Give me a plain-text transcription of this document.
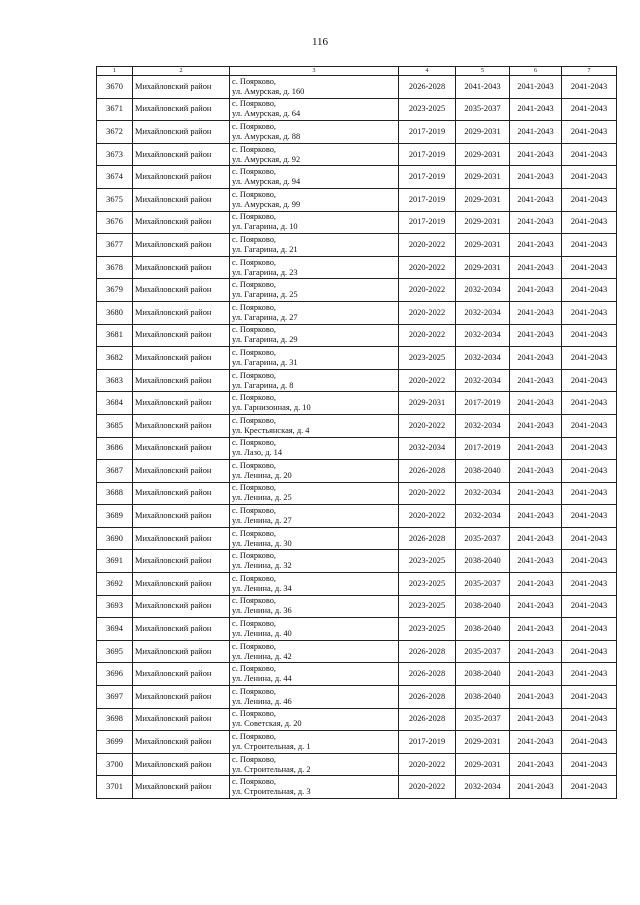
116
1	2	3	4	5	6	7
3670	Михайловский район	с. Поярково,
ул. Амурская, д. 160	2026-2028	2041-2043	2041-2043	2041-2043
3671	Михайловский район	с. Поярково,
ул. Амурская, д. 64	2023-2025	2035-2037	2041-2043	2041-2043
3672	Михайловский район	с. Поярково,
ул. Амурская, д. 88	2017-2019	2029-2031	2041-2043	2041-2043
3673	Михайловский район	с. Поярково,
ул. Амурская, д. 92	2017-2019	2029-2031	2041-2043	2041-2043
3674	Михайловский район	с. Поярково,
ул. Амурская, д. 94	2017-2019	2029-2031	2041-2043	2041-2043
3675	Михайловский район	с. Поярково,
ул. Амурская, д. 99	2017-2019	2029-2031	2041-2043	2041-2043
3676	Михайловский район	с. Поярково,
ул. Гагарина, д. 10	2017-2019	2029-2031	2041-2043	2041-2043
3677	Михайловский район	с. Поярково,
ул. Гагарина, д. 21	2020-2022	2029-2031	2041-2043	2041-2043
3678	Михайловский район	с. Поярково,
ул. Гагарина, д. 23	2020-2022	2029-2031	2041-2043	2041-2043
3679	Михайловский район	с. Поярково,
ул. Гагарина, д. 25	2020-2022	2032-2034	2041-2043	2041-2043
3680	Михайловский район	с. Поярково,
ул. Гагарина, д. 27	2020-2022	2032-2034	2041-2043	2041-2043
3681	Михайловский район	с. Поярково,
ул. Гагарина, д. 29	2020-2022	2032-2034	2041-2043	2041-2043
3682	Михайловский район	с. Поярково,
ул. Гагарина, д. 31	2023-2025	2032-2034	2041-2043	2041-2043
3683	Михайловский район	с. Поярково,
ул. Гагарина, д. 8	2020-2022	2032-2034	2041-2043	2041-2043
3684	Михайловский район	с. Поярково,
ул. Гарнизонная, д. 10	2029-2031	2017-2019	2041-2043	2041-2043
3685	Михайловский район	с. Поярково,
ул. Крестьянская, д. 4	2020-2022	2032-2034	2041-2043	2041-2043
3686	Михайловский район	с. Поярково,
ул. Лазо, д. 14	2032-2034	2017-2019	2041-2043	2041-2043
3687	Михайловский район	с. Поярково,
ул. Ленина, д. 20	2026-2028	2038-2040	2041-2043	2041-2043
3688	Михайловский район	с. Поярково,
ул. Ленина, д. 25	2020-2022	2032-2034	2041-2043	2041-2043
3689	Михайловский район	с. Поярково,
ул. Ленина, д. 27	2020-2022	2032-2034	2041-2043	2041-2043
3690	Михайловский район	с. Поярково,
ул. Ленина, д. 30	2026-2028	2035-2037	2041-2043	2041-2043
3691	Михайловский район	с. Поярково,
ул. Ленина, д. 32	2023-2025	2038-2040	2041-2043	2041-2043
3692	Михайловский район	с. Поярково,
ул. Ленина, д. 34	2023-2025	2035-2037	2041-2043	2041-2043
3693	Михайловский район	с. Поярково,
ул. Ленина, д. 36	2023-2025	2038-2040	2041-2043	2041-2043
3694	Михайловский район	с. Поярково,
ул. Ленина, д. 40	2023-2025	2038-2040	2041-2043	2041-2043
3695	Михайловский район	с. Поярково,
ул. Ленина, д. 42	2026-2028	2035-2037	2041-2043	2041-2043
3696	Михайловский район	с. Поярково,
ул. Ленина, д. 44	2026-2028	2038-2040	2041-2043	2041-2043
3697	Михайловский район	с. Поярково,
ул. Ленина, д. 46	2026-2028	2038-2040	2041-2043	2041-2043
3698	Михайловский район	с. Поярково,
ул. Советская, д. 20	2026-2028	2035-2037	2041-2043	2041-2043
3699	Михайловский район	с. Поярково,
ул. Строительная, д. 1	2017-2019	2029-2031	2041-2043	2041-2043
3700	Михайловский район	с. Поярково,
ул. Строительная, д. 2	2020-2022	2029-2031	2041-2043	2041-2043
3701	Михайловский район	с. Поярково,
ул. Строительная, д. 3	2020-2022	2032-2034	2041-2043	2041-2043
